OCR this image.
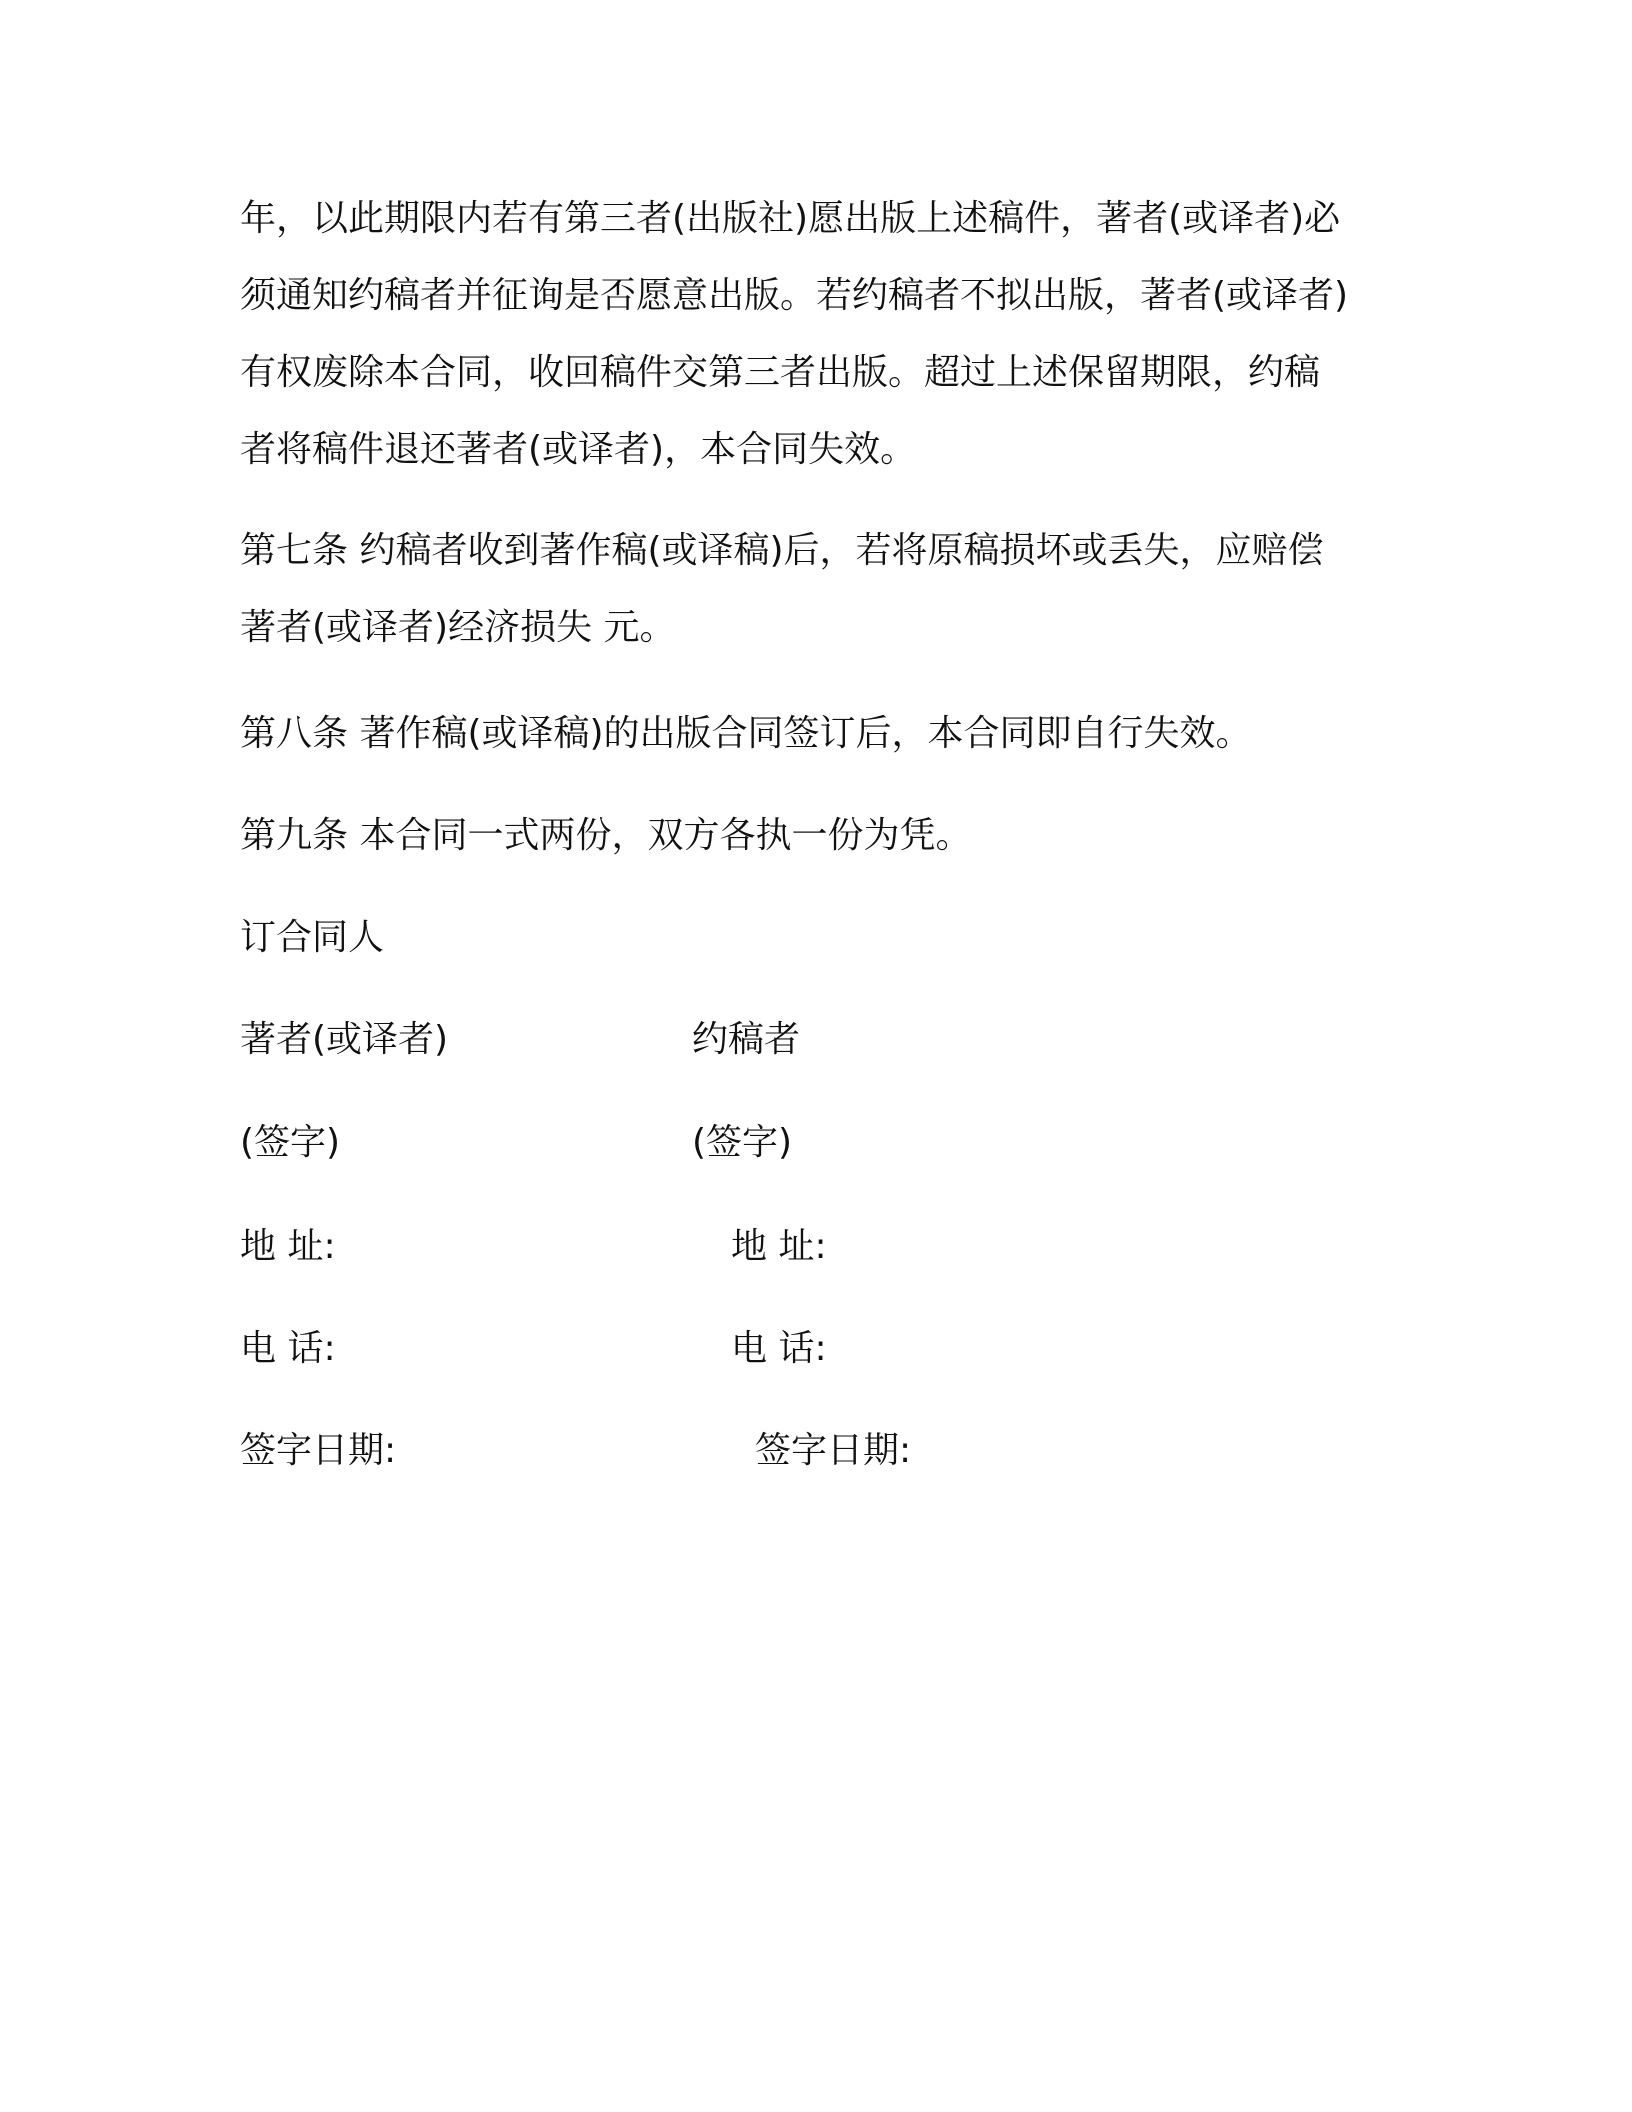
年，以此期限内若有第三者(出版社)愿出版上述稿件，著者(或译者)必
须通知约稿者并征询是否愿意出版。若约稿者不拟出版，著者(或译者)
有权废除本合同，收回稿件交第三者出版。超过上述保留期限，约稿
者将稿件退还著者(或译者)，本合同失效。
第七条 约稿者收到著作稿(或译稿)后，若将原稿损坏或丢失，应赔偿
著者(或译者)经济损失 元。
第八条 著作稿(或译稿)的出版合同签订后，本合同即自行失效。
第九条 本合同一式两份，双方各执一份为凭。
订合同人
著者(或译者)	约稿者
(签字)	(签字)
地 址:	地 址:
电 话:	电 话:
签字日期:	签字日期:
